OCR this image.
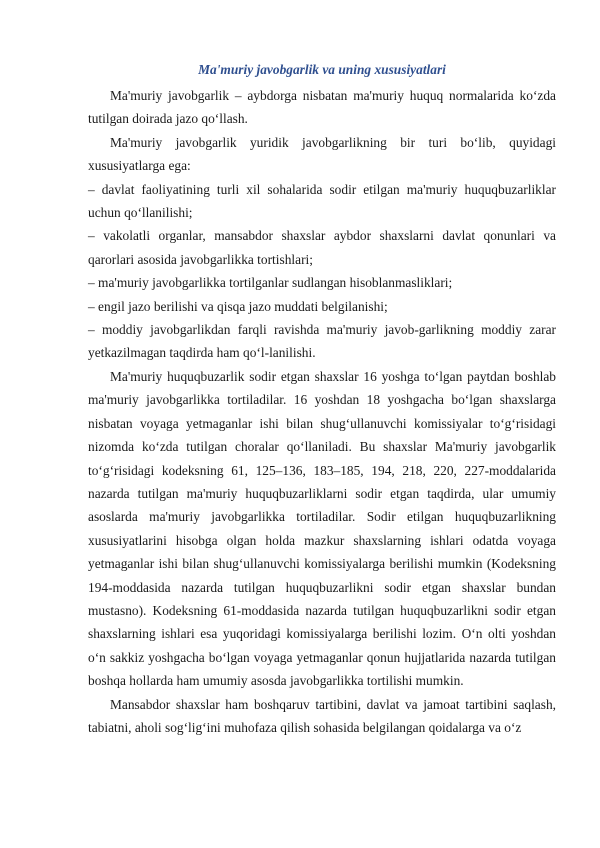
Ma'muriy javobgarlik va uning xususiyatlari

Ma'muriy javobgarlik – aybdorga nisbatan ma'muriy huquq normalarida ko‘zda tutilgan doirada jazo qo‘llash.

Ma'muriy javobgarlik yuridik javobgarlikning bir turi bo‘lib, quyidagi xususiyatlarga ega:

– davlat faoliyatining turli xil sohalarida sodir etilgan ma'muriy huquqbuzarliklar uchun qo‘llanilishi;

– vakolatli organlar, mansabdor shaxslar aybdor shaxslarni davlat qonunlari va qarorlari asosida javobgarlikka tortishlari;

– ma'muriy javobgarlikka tortilganlar sudlangan hisoblanmasliklari;

– engil jazo berilishi va qisqa jazo muddati belgilanishi;

– moddiy javobgarlikdan farqli ravishda ma'muriy javob-garlikning moddiy zarar yetkazilmagan taqdirda ham qo‘l-lanilishi.

Ma'muriy huquqbuzarlik sodir etgan shaxslar 16 yoshga to‘lgan paytdan boshlab ma'muriy javobgarlikka tortiladilar. 16 yoshdan 18 yoshgacha bo‘lgan shaxslarga nisbatan voyaga yetmaganlar ishi bilan shug‘ullanuvchi komissiyalar to‘g‘risidagi nizomda ko‘zda tutilgan choralar qo‘llaniladi. Bu shaxslar Ma'muriy javobgarlik to‘g‘risidagi kodeksning 61, 125–136, 183–185, 194, 218, 220, 227-moddalarida nazarda tutilgan ma'muriy huquqbuzarliklarni sodir etgan taqdirda, ular umumiy asoslarda ma'muriy javobgarlikka tortiladilar. Sodir etilgan huquqbuzarlikning xususiyatlarini hisobga olgan holda mazkur shaxslarning ishlari odatda voyaga yetmaganlar ishi bilan shug‘ullanuvchi komissiyalarga berilishi mumkin (Kodeksning 194-moddasida nazarda tutilgan huquqbuzarlikni sodir etgan shaxslar bundan mustasno). Kodeksning 61-moddasida nazarda tutilgan huquqbuzarlikni sodir etgan shaxslarning ishlari esa yuqoridagi komissiyalarga berilishi lozim. O‘n olti yoshdan o‘n sakkiz yoshgacha bo‘lgan voyaga yetmaganlar qonun hujjatlarida nazarda tutilgan boshqa hollarda ham umumiy asosda javobgarlikka tortilishi mumkin.

Mansabdor shaxslar ham boshqaruv tartibini, davlat va jamoat tartibini saqlash, tabiatni, aholi sog‘lig‘ini muhofaza qilish sohasida belgilangan qoidalarga va o‘z
